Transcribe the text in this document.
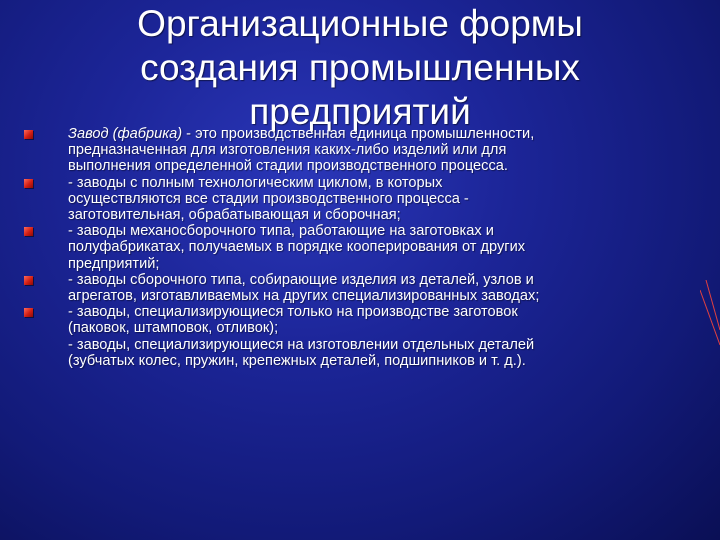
Организационные формы
создания промышленных
предприятий
Завод (фабрика) - это производственная единица промышленности,
предназначенная для изготовления каких-либо изделий или для
выполнения определенной стадии производственного процесса.
- заводы с полным технологическим циклом, в которых
осуществляются все стадии производственного процесса -
заготовительная, обрабатывающая и сборочная;
- заводы механосборочного типа, работающие на заготовках и
полуфабрикатах, получаемых в порядке кооперирования от других
предприятий;
- заводы сборочного типа, собирающие изделия из деталей, узлов и
агрегатов, изготавливаемых на других специализированных заводах;
- заводы, специализирующиеся только на производстве заготовок
(паковок, штамповок, отливок);
- заводы, специализирующиеся на изготовлении отдельных деталей
(зубчатых колес, пружин, крепежных деталей, подшипников и т. д.).
